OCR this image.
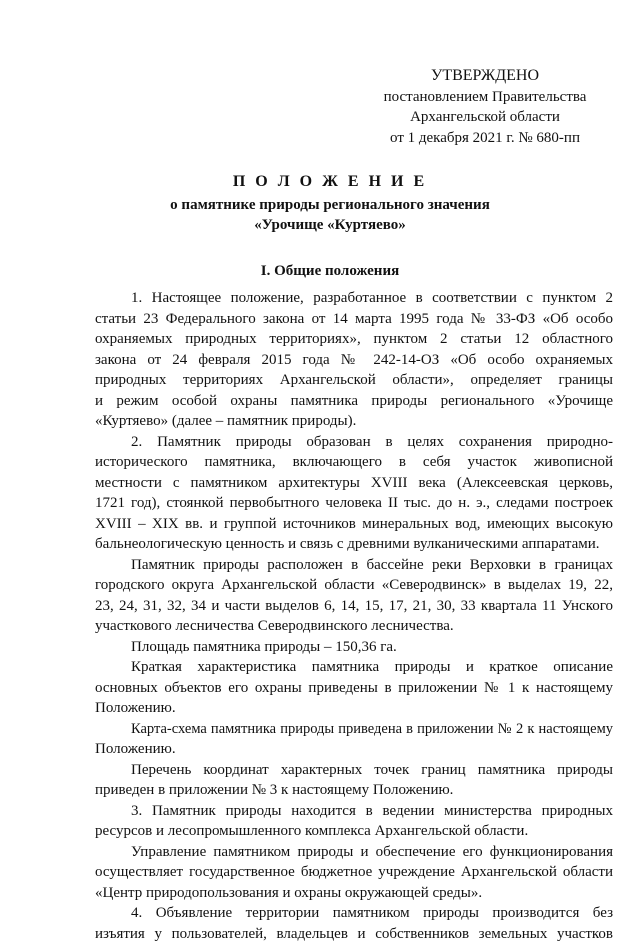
УТВЕРЖДЕНО
постановлением Правительства
Архангельской области
от 1 декабря 2021 г. № 680-пп
П О Л О Ж Е Н И Е
о памятнике природы регионального значения
«Урочище «Куртяево»
I. Общие положения
1. Настоящее положение, разработанное в соответствии с пунктом 2
статьи 23 Федерального закона от 14 марта 1995 года № 33-ФЗ «Об особо
охраняемых природных территориях», пунктом 2 статьи 12 областного
закона от 24 февраля 2015 года № 242-14-ОЗ «Об особо охраняемых
природных территориях Архангельской области», определяет границы
и режим особой охраны памятника природы регионального «Урочище
«Куртяево» (далее – памятник природы).
2. Памятник природы образован в целях сохранения природно-
исторического памятника, включающего в себя участок живописной
местности с памятником архитектуры XVIII века (Алексеевская церковь,
1721 год), стоянкой первобытного человека II тыс. до н. э., следами построек
XVIII – XIX вв. и группой источников минеральных вод, имеющих высокую
бальнеологическую ценность и связь с древними вулканическими аппаратами.
Памятник природы расположен в бассейне реки Верховки в границах
городского округа Архангельской области «Северодвинск» в выделах 19, 22,
23, 24, 31, 32, 34 и части выделов 6, 14, 15, 17, 21, 30, 33 квартала 11 Унского
участкового лесничества Северодвинского лесничества.
Площадь памятника природы – 150,36 га.
Краткая характеристика памятника природы и краткое описание
основных объектов его охраны приведены в приложении № 1 к настоящему
Положению.
Карта-схема памятника природы приведена в приложении № 2 к настоящему
Положению.
Перечень координат характерных точек границ памятника природы
приведен в приложении № 3 к настоящему Положению.
3. Памятник природы находится в ведении министерства природных
ресурсов и лесопромышленного комплекса Архангельской области.
Управление памятником природы и обеспечение его функционирования
осуществляет государственное бюджетное учреждение Архангельской области
«Центр природопользования и охраны окружающей среды».
4. Объявление территории памятником природы производится без
изъятия у пользователей, владельцев и собственников земельных участков
